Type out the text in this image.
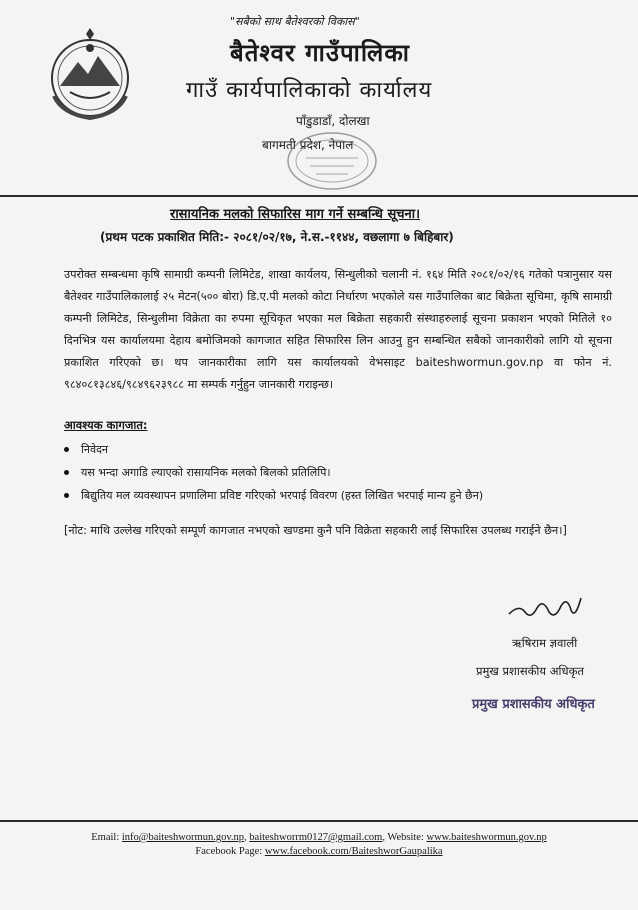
"सबैको साथ बैतेश्वरको विकास"
बैतेश्वर गाउँपालिका
गाउँ कार्यपालिकाको कार्यालय
पाँडुडाडाँ, दोलखा
बागमती प्रदेश, नेपाल
रासायनिक मलको सिफारिस माग गर्ने सम्बन्धि सूचना।
(प्रथम पटक प्रकाशित मिति:- २०८१/०२/१७, ने.स.-११४४, वछलागा ७ बिहिबार)
उपरोक्त सम्बन्धमा कृषि सामाग्री कम्पनी लिमिटेड, शाखा कार्यलय, सिन्धुलीको चलानी नं. १६४ मिति २०८१/०२/१६ गतेको पत्रानुसार यस बैतेश्वर गाउँपालिकालाई २५ मेटन(५०० बोरा) डि.ए.पी मलको कोटा निर्धारण भएकोले यस गाउँपालिका बाट बिक्रेता सूचिमा, कृषि सामाग्री कम्पनी लिमिटेड, सिन्धुलीमा विक्रेता का रुपमा सूचिकृत भएका मल बिक्रेता सहकारी संस्थाहरुलाई सूचना प्रकाशन भएको मितिले १० दिनभित्र यस कार्यालयमा देहाय बमोजिमको कागजात सहित सिफारिस लिन आउनु हुन सम्बन्धित सबैको जानकारीको लागि यो सूचना प्रकाशित गरिएको छ। थप जानकारीका लागि यस कार्यालयको वेभसाइट baiteshwormun.gov.np वा फोन नं. ९८४०८१३८४६/९८४९६२३९८८ मा सम्पर्क गर्नुहुन जानकारी गराइन्छ।
आवश्यक कागजात:
निवेदन
यस भन्दा अगाडि ल्याएको रासायनिक मलको बिलको प्रतिलिपि।
बिद्युतिय मल व्यवस्थापन प्रणालिमा प्रविष्ट गरिएको भरपाई विवरण (हस्त लिखित भरपाई मान्य हुने छैन)
[नोट: माथि उल्लेख गरिएको सम्पूर्ण कागजात नभएको खण्डमा कुनै पनि विक्रेता सहकारी लाई सिफारिस उपलब्ध गराईने छैन।]
ऋषिराम ज्ञवाली
प्रमुख प्रशासकीय अधिकृत
प्रमुख प्रशासकीय अधिकृत
Email: info@baiteshwormun.gov.np, baiteshworrm0127@gmail.com, Website: www.baiteshwormun.gov.np
Facebook Page: www.facebook.com/BaiteshworGaupalika
